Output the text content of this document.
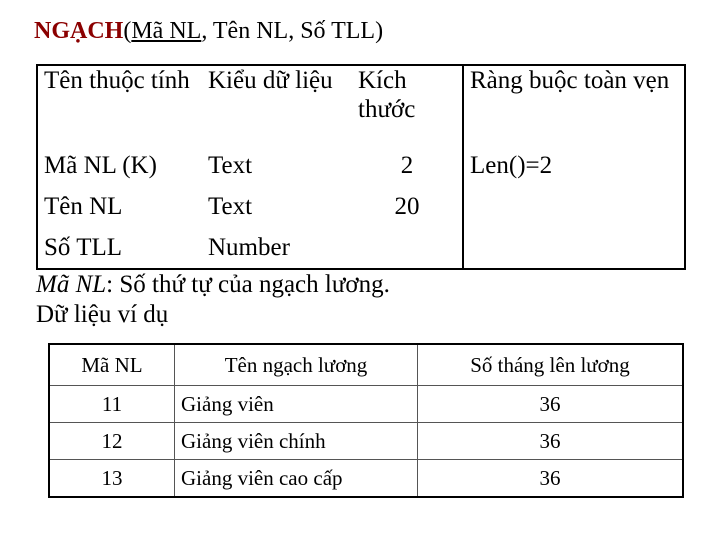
NGẠCH(Mã NL, Tên NL, Số TLL)
Tên thuộc tính	Kiểu dữ liệu	Kích thước	Ràng buộc toàn vẹn
Mã NL (K)	Text	2	Len()=2
Tên NL	Text	20	
Số TLL	Number		
Mã NL: Số thứ tự của ngạch lương.
Dữ liệu ví dụ
Mã NL	Tên ngạch lương	Số tháng lên lương
11	Giảng viên	36
12	Giảng viên chính	36
13	Giảng viên cao cấp	36
